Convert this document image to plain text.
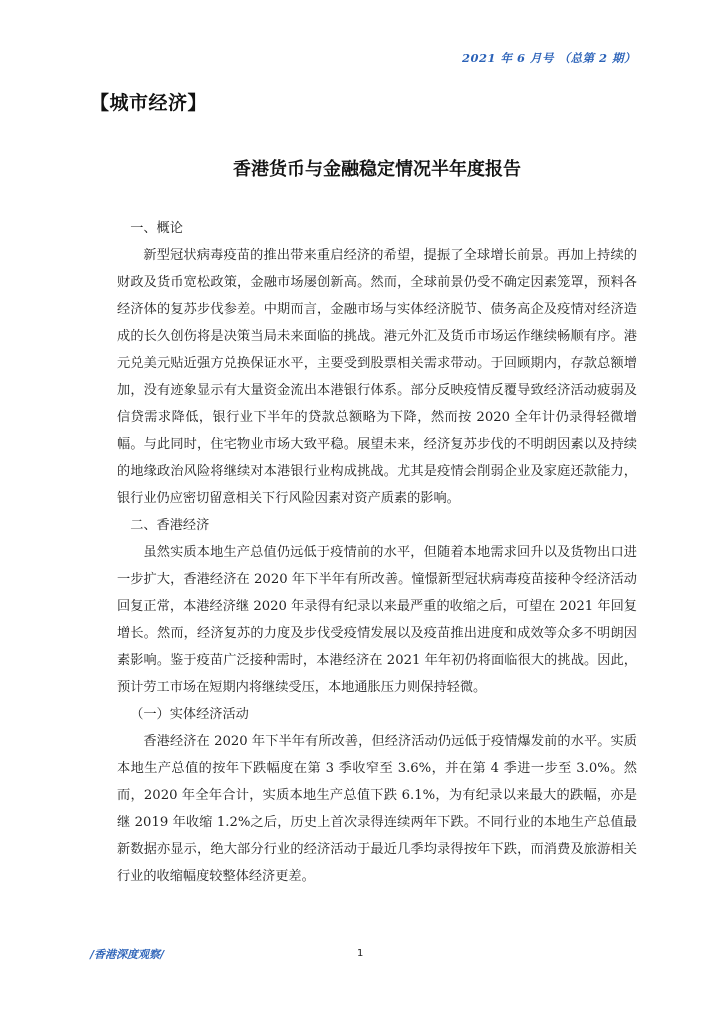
2021 年 6 月号 （总第 2 期）
【城市经济】
香港货币与金融稳定情况半年度报告

一、概论

新型冠状病毒疫苗的推出带来重启经济的希望，提振了全球增长前景。再加上持续的财政及货币宽松政策，金融市场屡创新高。然而，全球前景仍受不确定因素笼罩，预料各经济体的复苏步伐参差。中期而言，金融市场与实体经济脱节、债务高企及疫情对经济造成的长久创伤将是决策当局未来面临的挑战。港元外汇及货币市场运作继续畅顺有序。港元兑美元贴近强方兑换保证水平，主要受到股票相关需求带动。于回顾期内，存款总额增加，没有迹象显示有大量资金流出本港银行体系。部分反映疫情反覆导致经济活动疲弱及信贷需求降低，银行业下半年的贷款总额略为下降，然而按 2020 全年计仍录得轻微增幅。与此同时，住宅物业市场大致平稳。展望未来，经济复苏步伐的不明朗因素以及持续的地缘政治风险将继续对本港银行业构成挑战。尤其是疫情会削弱企业及家庭还款能力，银行业仍应密切留意相关下行风险因素对资产质素的影响。

二、香港经济

虽然实质本地生产总值仍远低于疫情前的水平，但随着本地需求回升以及货物出口进一步扩大，香港经济在 2020 年下半年有所改善。憧憬新型冠状病毒疫苗接种令经济活动回复正常，本港经济继 2020 年录得有纪录以来最严重的收缩之后，可望在 2021 年回复增长。然而，经济复苏的力度及步伐受疫情发展以及疫苗推出进度和成效等众多不明朗因素影响。鉴于疫苗广泛接种需时，本港经济在 2021 年年初仍将面临很大的挑战。因此，预计劳工市场在短期内将继续受压，本地通胀压力则保持轻微。

（一）实体经济活动

香港经济在 2020 年下半年有所改善，但经济活动仍远低于疫情爆发前的水平。实质本地生产总值的按年下跌幅度在第 3 季收窄至 3.6%，并在第 4 季进一步至 3.0%。然而，2020 年全年合计，实质本地生产总值下跌 6.1%，为有纪录以来最大的跌幅，亦是继 2019 年收缩 1.2%之后，历史上首次录得连续两年下跌。不同行业的本地生产总值最新数据亦显示，绝大部分行业的经济活动于最近几季均录得按年下跌，而消费及旅游相关行业的收缩幅度较整体经济更差。

/香港深度观察/	1
